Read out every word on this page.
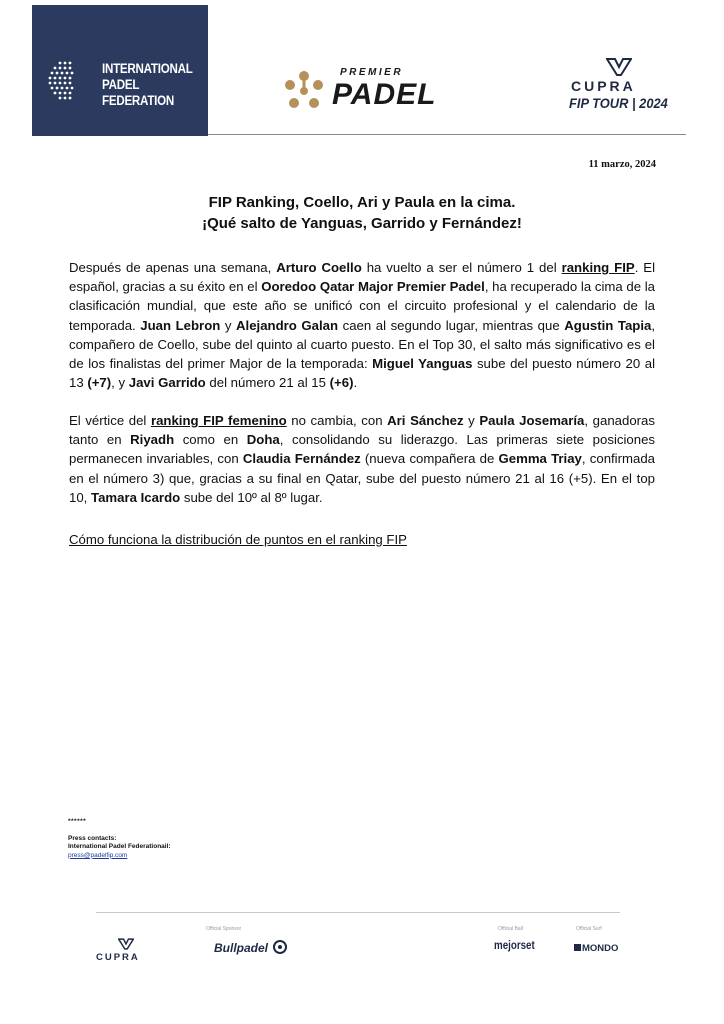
INTERNATIONAL
PADEL
FEDERATION
PREMIER
PADEL	CUPRA
FIP TOUR | 2024
11 marzo, 2024
FIP Ranking, Coello, Ari y Paula en la cima.
¡Qué salto de Yanguas, Garrido y Fernández!
Después de apenas una semana, Arturo Coello ha vuelto a ser el número 1 del ranking FIP. El español, gracias a su éxito en el Ooredoo Qatar Major Premier Padel, ha recuperado la cima de la clasificación mundial, que este año se unificó con el circuito profesional y el calendario de la temporada. Juan Lebron y Alejandro Galan caen al segundo lugar, mientras que Agustin Tapia, compañero de Coello, sube del quinto al cuarto puesto. En el Top 30, el salto más significativo es el de los finalistas del primer Major de la temporada: Miguel Yanguas sube del puesto número 20 al 13 (+7), y Javi Garrido del número 21 al 15 (+6).
El vértice del ranking FIP femenino no cambia, con Ari Sánchez y Paula Josemaría, ganadoras tanto en Riyadh como en Doha, consolidando su liderazgo. Las primeras siete posiciones permanecen invariables, con Claudia Fernández (nueva compañera de Gemma Triay, confirmada en el número 3) que, gracias a su final en Qatar, sube del puesto número 21 al 16 (+5). En el top 10, Tamara Icardo sube del 10º al 8º lugar.
Cómo funciona la distribución de puntos en el ranking FIP
******
Press contacts:
International Padel Federationail:
press@padelfip.com
Official Sponsor	Official Ball	Official Surf
CUPRA
Bullpadel	mejorset	MONDO
